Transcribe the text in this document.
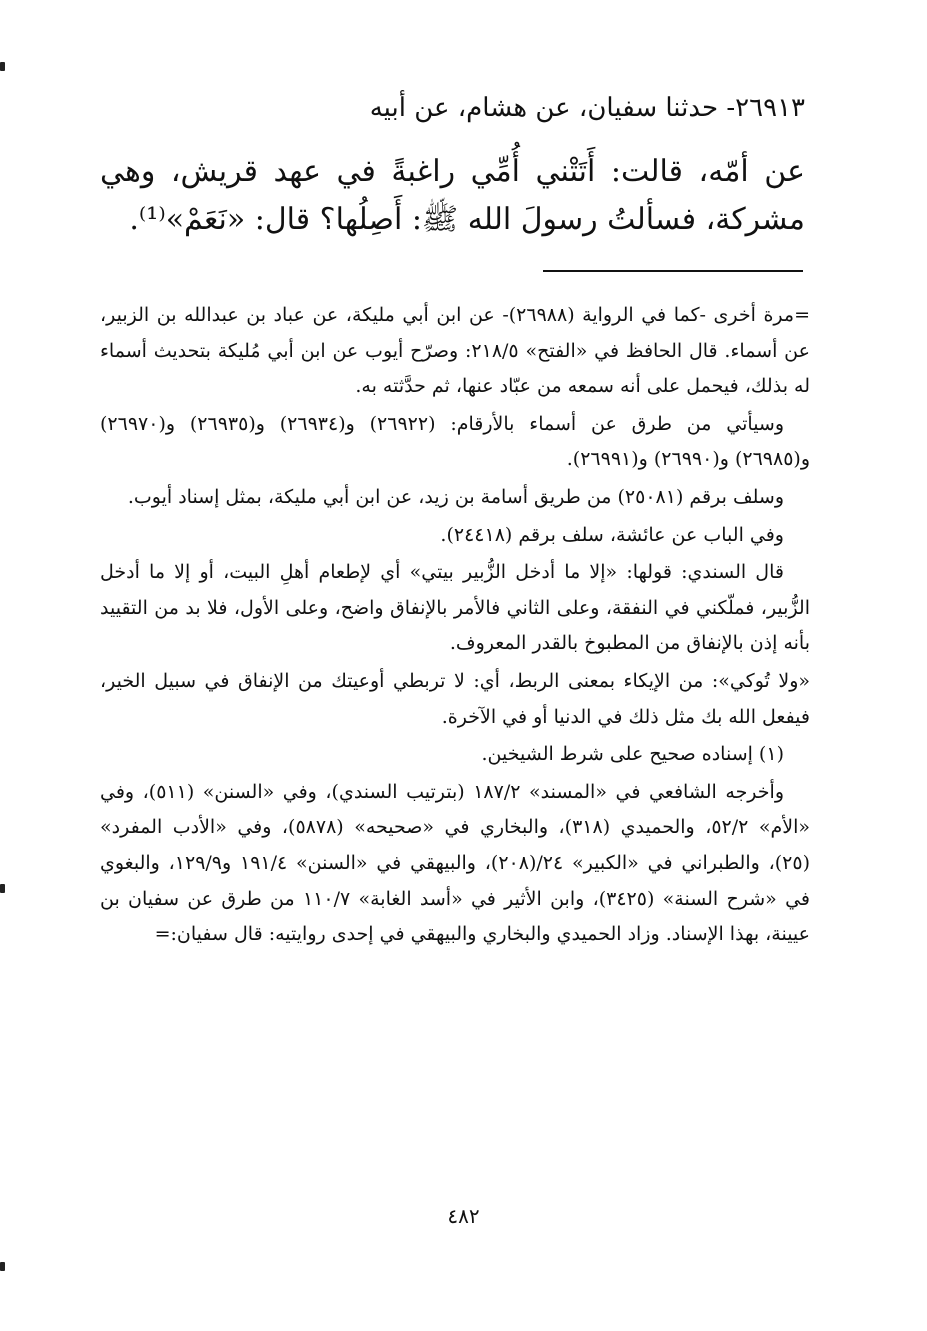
٢٦٩١٣- حدثنا سفيان، عن هشام، عن أبيه
عن أمّه، قالت: أَتَتْني أُمِّي راغبةً في عهد قريش، وهي مشركة، فسألتُ رسولَ الله ﷺ: أَصِلُها؟ قال: «نَعَمْ»⁽¹⁾.

=مرة أخرى -كما في الرواية (٢٦٩٨٨)- عن ابن أبي مليكة، عن عباد بن عبدالله بن الزبير، عن أسماء. قال الحافظ في «الفتح» ٢١٨/٥: وصرّح أيوب عن ابن أبي مُليكة بتحديث أسماء له بذلك، فيحمل على أنه سمعه من عبّاد عنها، ثم حدَّثته به.

وسيأتي من طرق عن أسماء بالأرقام: (٢٦٩٢٢) و(٢٦٩٣٤) و(٢٦٩٣٥) و(٢٦٩٧٠) و(٢٦٩٨٥) و(٢٦٩٩٠) و(٢٦٩٩١).

وسلف برقم (٢٥٠٨١) من طريق أسامة بن زيد، عن ابن أبي مليكة، بمثل إسناد أيوب.

وفي الباب عن عائشة، سلف برقم (٢٤٤١٨).

قال السندي: قولها: «إلا ما أدخل الزُّبير بيتي» أي لإطعام أهلِ البيت، أو إلا ما أدخل الزُّبير، فملّكني في النفقة، وعلى الثاني فالأمر بالإنفاق واضح، وعلى الأول، فلا بد من التقييد بأنه إذن بالإنفاق من المطبوخ بالقدر المعروف.

«ولا تُوكي»: من الإيكاء بمعنى الربط، أي: لا تربطي أوعيتك من الإنفاق في سبيل الخير، فيفعل الله بك مثل ذلك في الدنيا أو في الآخرة.

(١) إسناده صحيح على شرط الشيخين.

وأخرجه الشافعي في «المسند» ١٨٧/٢ (بترتيب السندي)، وفي «السنن» (٥١١)، وفي «الأم» ٥٢/٢، والحميدي (٣١٨)، والبخاري في «صحيحه» (٥٨٧٨)، وفي «الأدب المفرد» (٢٥)، والطبراني في «الكبير» ٢٤/(٢٠٨)، والبيهقي في «السنن» ١٩١/٤ و١٢٩/٩، والبغوي في «شرح السنة» (٣٤٢٥)، وابن الأثير في «أسد الغابة» ١١٠/٧ من طرق عن سفيان بن عيينة، بهذا الإسناد. وزاد الحميدي والبخاري والبيهقي في إحدى روايتيه: قال سفيان:=

٤٨٢
